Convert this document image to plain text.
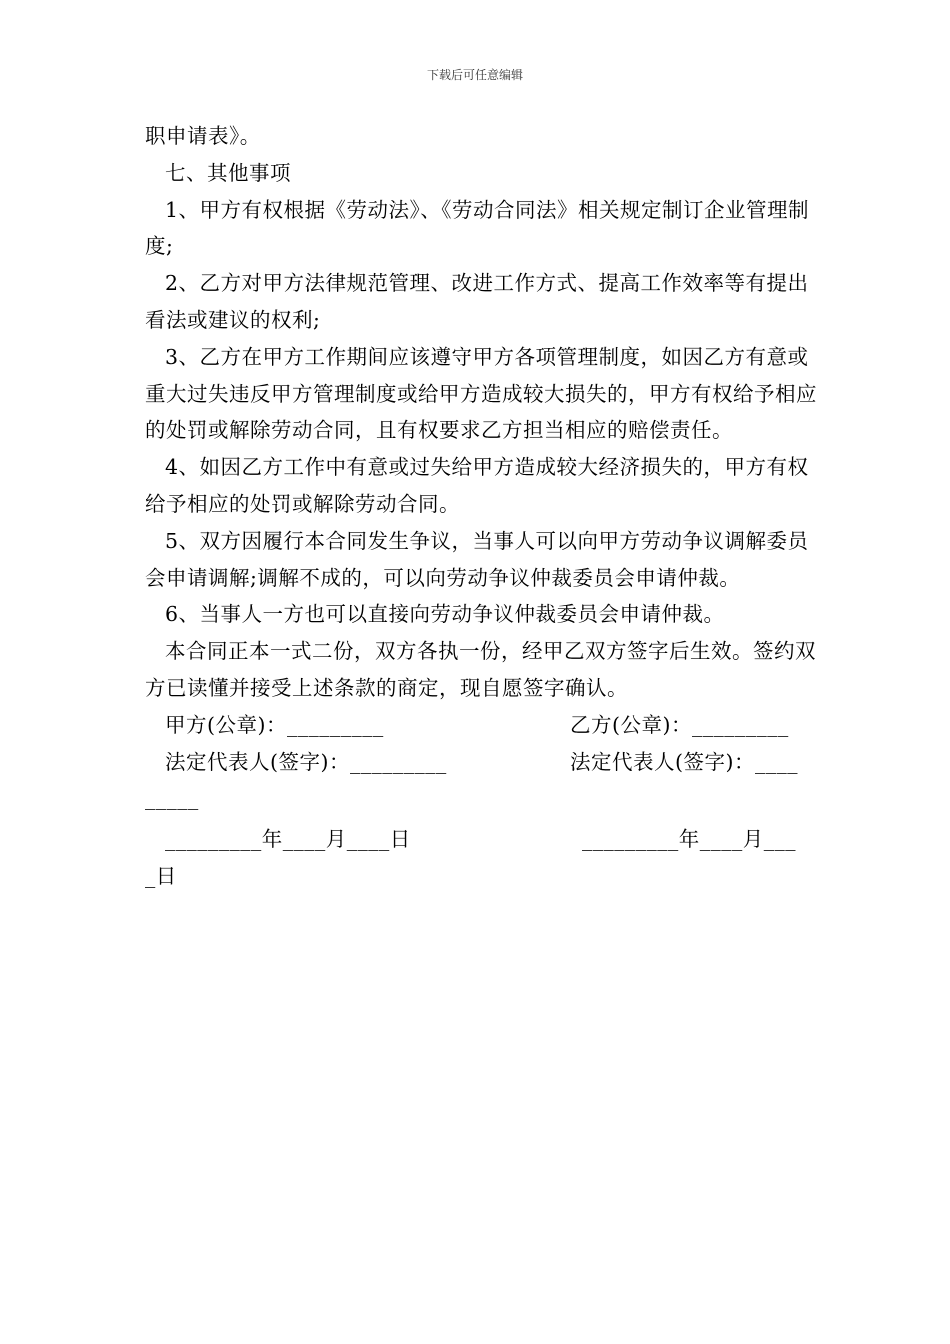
下载后可任意编辑

职申请表》。

七、其他事项

1、甲方有权根据《劳动法》、《劳动合同法》相关规定制订企业管理制度;

2、乙方对甲方法律规范管理、改进工作方式、提高工作效率等有提出看法或建议的权利;

3、乙方在甲方工作期间应该遵守甲方各项管理制度，如因乙方有意或重大过失违反甲方管理制度或给甲方造成较大损失的，甲方有权给予相应的处罚或解除劳动合同，且有权要求乙方担当相应的赔偿责任。

4、如因乙方工作中有意或过失给甲方造成较大经济损失的，甲方有权给予相应的处罚或解除劳动合同。

5、双方因履行本合同发生争议，当事人可以向甲方劳动争议调解委员会申请调解;调解不成的，可以向劳动争议仲裁委员会申请仲裁。

6、当事人一方也可以直接向劳动争议仲裁委员会申请仲裁。

本合同正本一式二份，双方各执一份，经甲乙双方签字后生效。签约双方已读懂并接受上述条款的商定，现自愿签字确认。

甲方(公章)：_________	乙方(公章)：_________
法定代表人(签字)：_________	法定代表人(签字)：____
_____
_________年____月____日	_________年____月___
_日
